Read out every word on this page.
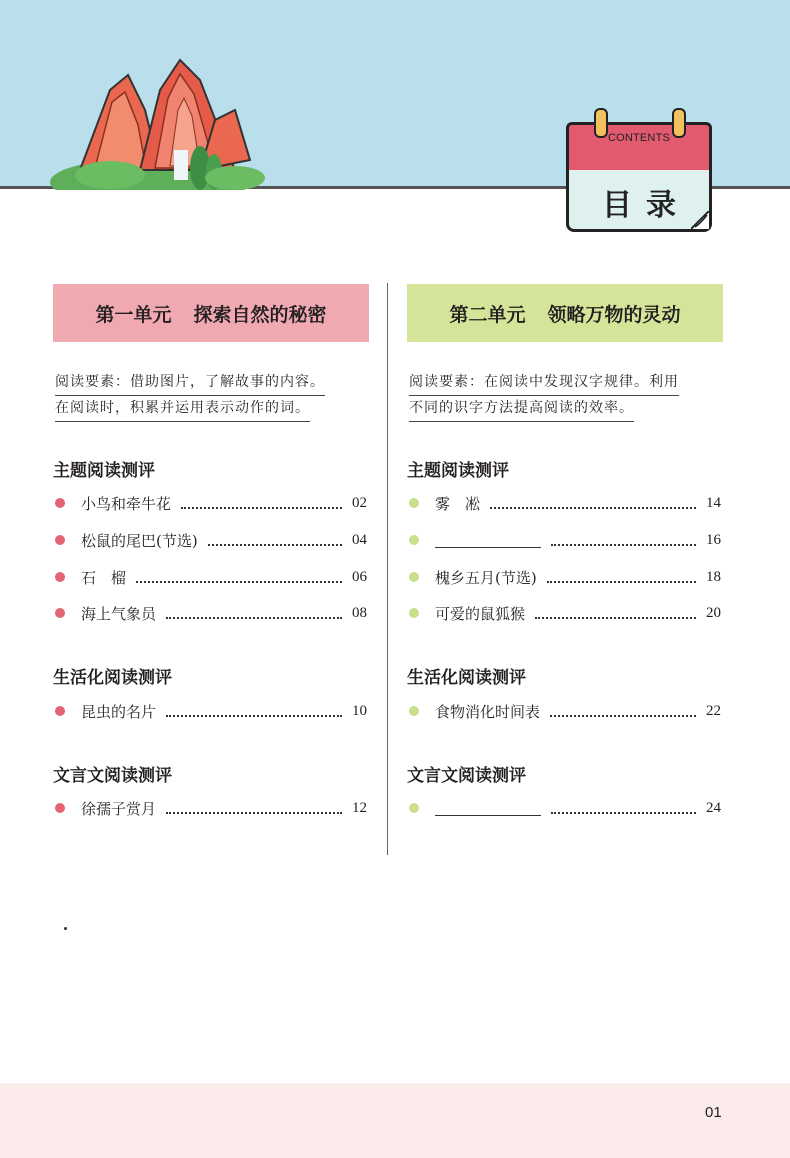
CONTENTS
目录
第一单元 探索自然的秘密	第二单元 领略万物的灵动
阅读要素：借助图片，了解故事的内容。
在阅读时，积累并运用表示动作的词。
阅读要素：在阅读中发现汉字规律。利用
不同的识字方法提高阅读的效率。
主题阅读测评
小鸟和牵牛花	02
松鼠的尾巴(节选)	04
石　榴	06
海上气象员	08
生活化阅读测评
昆虫的名片	10
文言文阅读测评
徐孺子赏月	12
主题阅读测评
雾　凇	14
16
槐乡五月(节选)	18
可爱的鼠狐猴	20
生活化阅读测评
食物消化时间表	22
文言文阅读测评
24
01
